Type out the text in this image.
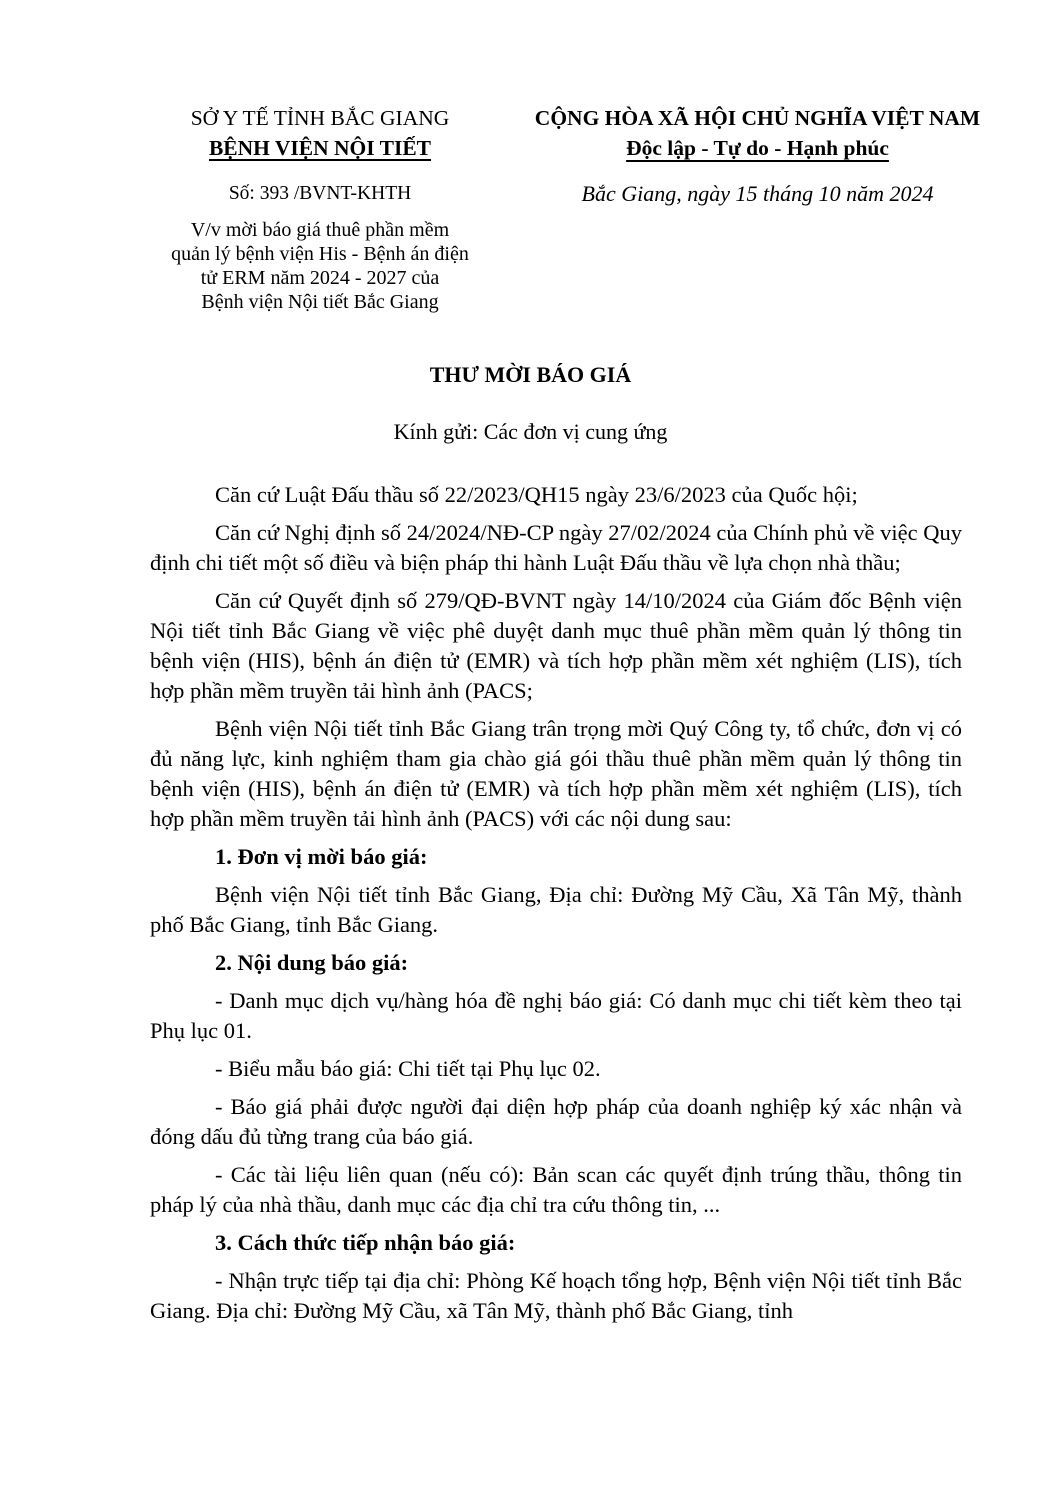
SỞ Y TẾ TỈNH BẮC GIANG
BỆNH VIỆN NỘI TIẾT
Số: 393 /BVNT-KHTH
V/v mời báo giá thuê phần mềm
quản lý bệnh viện His - Bệnh án điện
tử ERM năm 2024 - 2027 của
Bệnh viện Nội tiết Bắc Giang
CỘNG HÒA XÃ HỘI CHỦ NGHĨA VIỆT NAM
Độc lập - Tự do - Hạnh phúc
Bắc Giang, ngày 15 tháng 10 năm 2024
THƯ MỜI BÁO GIÁ
Kính gửi: Các đơn vị cung ứng

Căn cứ Luật Đấu thầu số 22/2023/QH15 ngày 23/6/2023 của Quốc hội;

Căn cứ Nghị định số 24/2024/NĐ-CP ngày 27/02/2024 của Chính phủ về việc Quy định chi tiết một số điều và biện pháp thi hành Luật Đấu thầu về lựa chọn nhà thầu;

Căn cứ Quyết định số 279/QĐ-BVNT ngày 14/10/2024 của Giám đốc Bệnh viện Nội tiết tỉnh Bắc Giang về việc phê duyệt danh mục thuê phần mềm quản lý thông tin bệnh viện (HIS), bệnh án điện tử (EMR) và tích hợp phần mềm xét nghiệm (LIS), tích hợp phần mềm truyền tải hình ảnh (PACS;

Bệnh viện Nội tiết tỉnh Bắc Giang trân trọng mời Quý Công ty, tổ chức, đơn vị có đủ năng lực, kinh nghiệm tham gia chào giá gói thầu thuê phần mềm quản lý thông tin bệnh viện (HIS), bệnh án điện tử (EMR) và tích hợp phần mềm xét nghiệm (LIS), tích hợp phần mềm truyền tải hình ảnh (PACS) với các nội dung sau:

1. Đơn vị mời báo giá:

Bệnh viện Nội tiết tỉnh Bắc Giang, Địa chỉ: Đường Mỹ Cầu, Xã Tân Mỹ, thành phố Bắc Giang, tỉnh Bắc Giang.

2. Nội dung báo giá:

- Danh mục dịch vụ/hàng hóa đề nghị báo giá: Có danh mục chi tiết kèm theo tại Phụ lục 01.

- Biểu mẫu báo giá: Chi tiết tại Phụ lục 02.

- Báo giá phải được người đại diện hợp pháp của doanh nghiệp ký xác nhận và đóng dấu đủ từng trang của báo giá.

- Các tài liệu liên quan (nếu có): Bản scan các quyết định trúng thầu, thông tin pháp lý của nhà thầu, danh mục các địa chỉ tra cứu thông tin, ...

3. Cách thức tiếp nhận báo giá:

- Nhận trực tiếp tại địa chỉ: Phòng Kế hoạch tổng hợp, Bệnh viện Nội tiết tỉnh Bắc Giang. Địa chỉ: Đường Mỹ Cầu, xã Tân Mỹ, thành phố Bắc Giang, tỉnh
